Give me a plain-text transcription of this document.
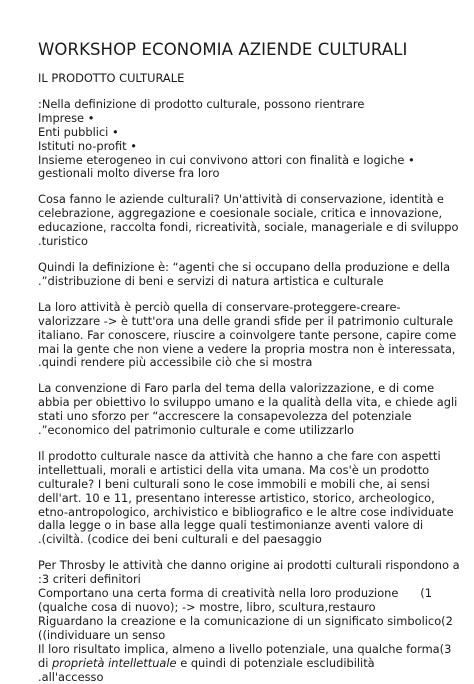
WORKSHOP ECONOMIA AZIENDE CULTURALI
IL PRODOTTO CULTURALE

:Nella definizione di prodotto culturale, possono rientrare
Imprese •
Enti pubblici •
Istituti no-profit •
Insieme eterogeneo in cui convivono attori con finalità e logiche •
gestionali molto diverse fra loro

Cosa fanno le aziende culturali? Un'attività di conservazione, identità e
celebrazione, aggregazione e coesionale sociale, critica e innovazione,
educazione, raccolta fondi, ricreatività, sociale, manageriale e di sviluppo
.turistico

Quindi la definizione è: “agenti che si occupano della produzione e della
.”distribuzione di beni e servizi di natura artistica e culturale

La loro attività è perciò quella di conservare-proteggere-creare-
valorizzare -> è tutt'ora una delle grandi sfide per il patrimonio culturale
italiano. Far conoscere, riuscire a coinvolgere tante persone, capire come
mai la gente che non viene a vedere la propria mostra non è interessata,
.quindi rendere più accessibile ciò che si mostra

La convenzione di Faro parla del tema della valorizzazione, e di come
abbia per obiettivo lo sviluppo umano e la qualità della vita, e chiede agli
stati uno sforzo per “accrescere la consapevolezza del potenziale
.”economico del patrimonio culturale e come utilizzarlo

Il prodotto culturale nasce da attività che hanno a che fare con aspetti
intellettuali, morali e artistici della vita umana. Ma cos'è un prodotto
culturale? I beni culturali sono le cose immobili e mobili che, ai sensi
dell'art. 10 e 11, presentano interesse artistico, storico, archeologico,
etno-antropologico, archivistico e bibliografico e le altre cose individuate
dalla legge o in base alla legge quali testimonianze aventi valore di
.(civiltà. (codice dei beni culturali e del paesaggio

Per Throsby le attività che danno origine ai prodotti culturali rispondono a
:3 criteri definitori
Comportano una certa forma di creatività nella loro produzione (1
(qualche cosa di nuovo); -> mostre, libro, scultura,restauro
Riguardano la creazione e la comunicazione di un significato simbolico (2
((individuare un senso
Il loro risultato implica, almeno a livello potenziale, una qualche forma (3
di proprietà intellettuale e quindi di potenziale escludibilità
.all'accesso
